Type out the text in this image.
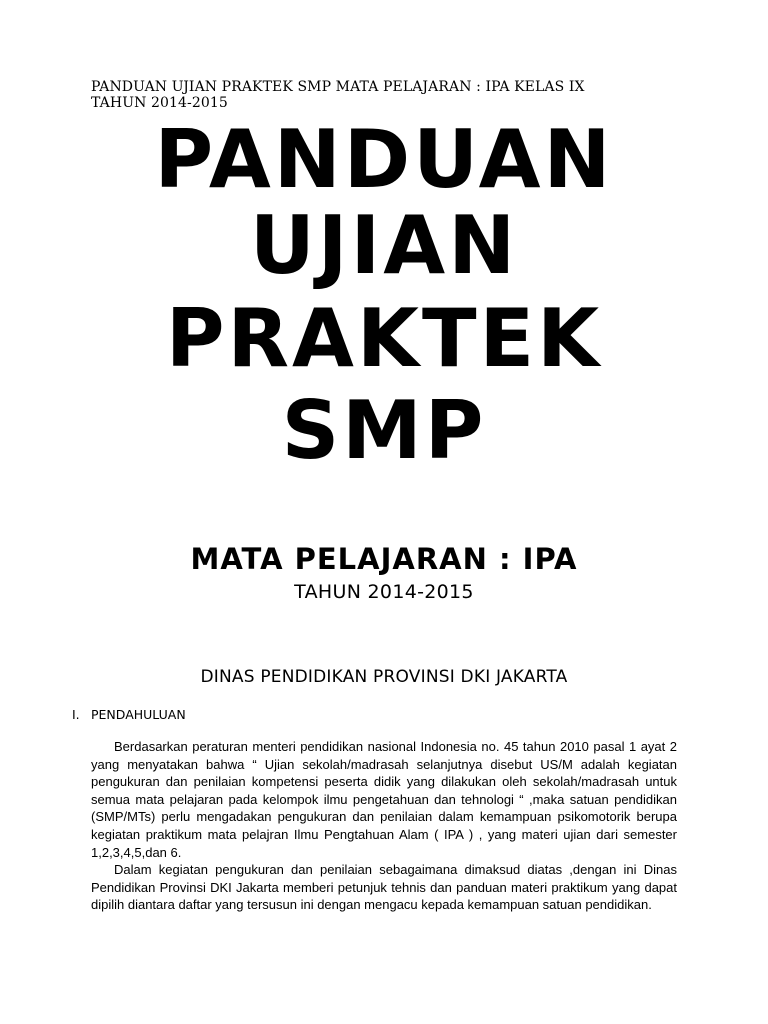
PANDUAN UJIAN PRAKTEK SMP MATA PELAJARAN : IPA KELAS IX
TAHUN 2014-2015
PANDUAN
UJIAN
PRAKTEK
SMP
MATA PELAJARAN : IPA
TAHUN 2014-2015
DINAS PENDIDIKAN PROVINSI DKI JAKARTA
I. PENDAHULUAN

Berdasarkan peraturan menteri pendidikan nasional Indonesia no. 45 tahun 2010 pasal 1 ayat 2 yang menyatakan bahwa “ Ujian sekolah/madrasah selanjutnya disebut US/M adalah kegiatan pengukuran dan penilaian kompetensi peserta didik yang dilakukan oleh sekolah/madrasah untuk semua mata pelajaran pada kelompok ilmu pengetahuan dan tehnologi “ ,maka satuan pendidikan (SMP/MTs) perlu mengadakan pengukuran dan penilaian dalam kemampuan psikomotorik berupa kegiatan praktikum mata pelajran Ilmu Pengtahuan Alam ( IPA ) , yang materi ujian dari semester 1,2,3,4,5,dan 6.

Dalam kegiatan pengukuran dan penilaian sebagaimana dimaksud diatas ,dengan ini Dinas Pendidikan Provinsi DKI Jakarta memberi petunjuk tehnis dan panduan materi praktikum yang dapat dipilih diantara daftar yang tersusun ini dengan mengacu kepada kemampuan satuan pendidikan.
